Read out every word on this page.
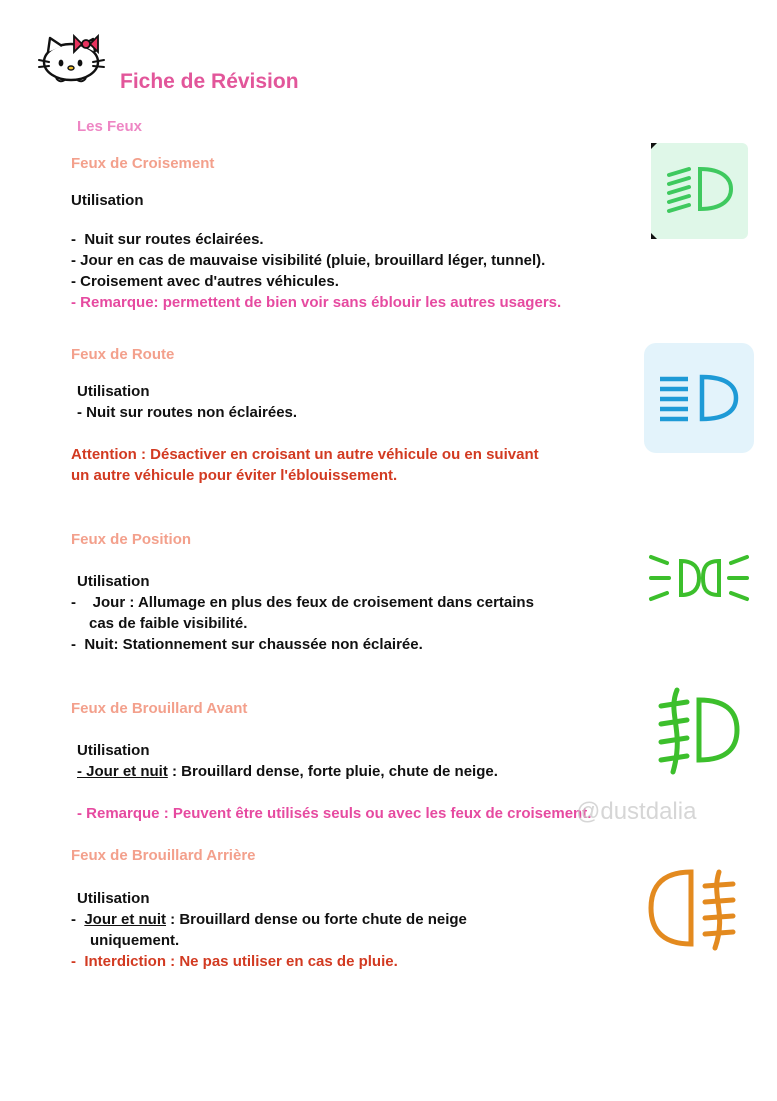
Fiche de Révision
Les Feux
Feux de Croisement
Utilisation
-  Nuit sur routes éclairées.
- Jour en cas de mauvaise visibilité (pluie, brouillard léger, tunnel).
- Croisement avec d'autres véhicules.
- Remarque: permettent de bien voir sans éblouir les autres usagers.
Feux de Route
Utilisation
- Nuit sur routes non éclairées.
Attention : Désactiver en croisant un autre véhicule ou en suivant
un autre véhicule pour éviter l'éblouissement.
Feux de Position
Utilisation
-    Jour : Allumage en plus des feux de croisement dans certains
cas de faible visibilité.
-  Nuit: Stationnement sur chaussée non éclairée.
Feux de Brouillard Avant
Utilisation
- Jour et nuit : Brouillard dense, forte pluie, chute de neige.
- Remarque : Peuvent être utilisés seuls ou avec les feux de croisement.
@dustdalia
Feux de Brouillard Arrière
Utilisation
-  Jour et nuit : Brouillard dense ou forte chute de neige
uniquement.
-  Interdiction : Ne pas utiliser en cas de pluie.
